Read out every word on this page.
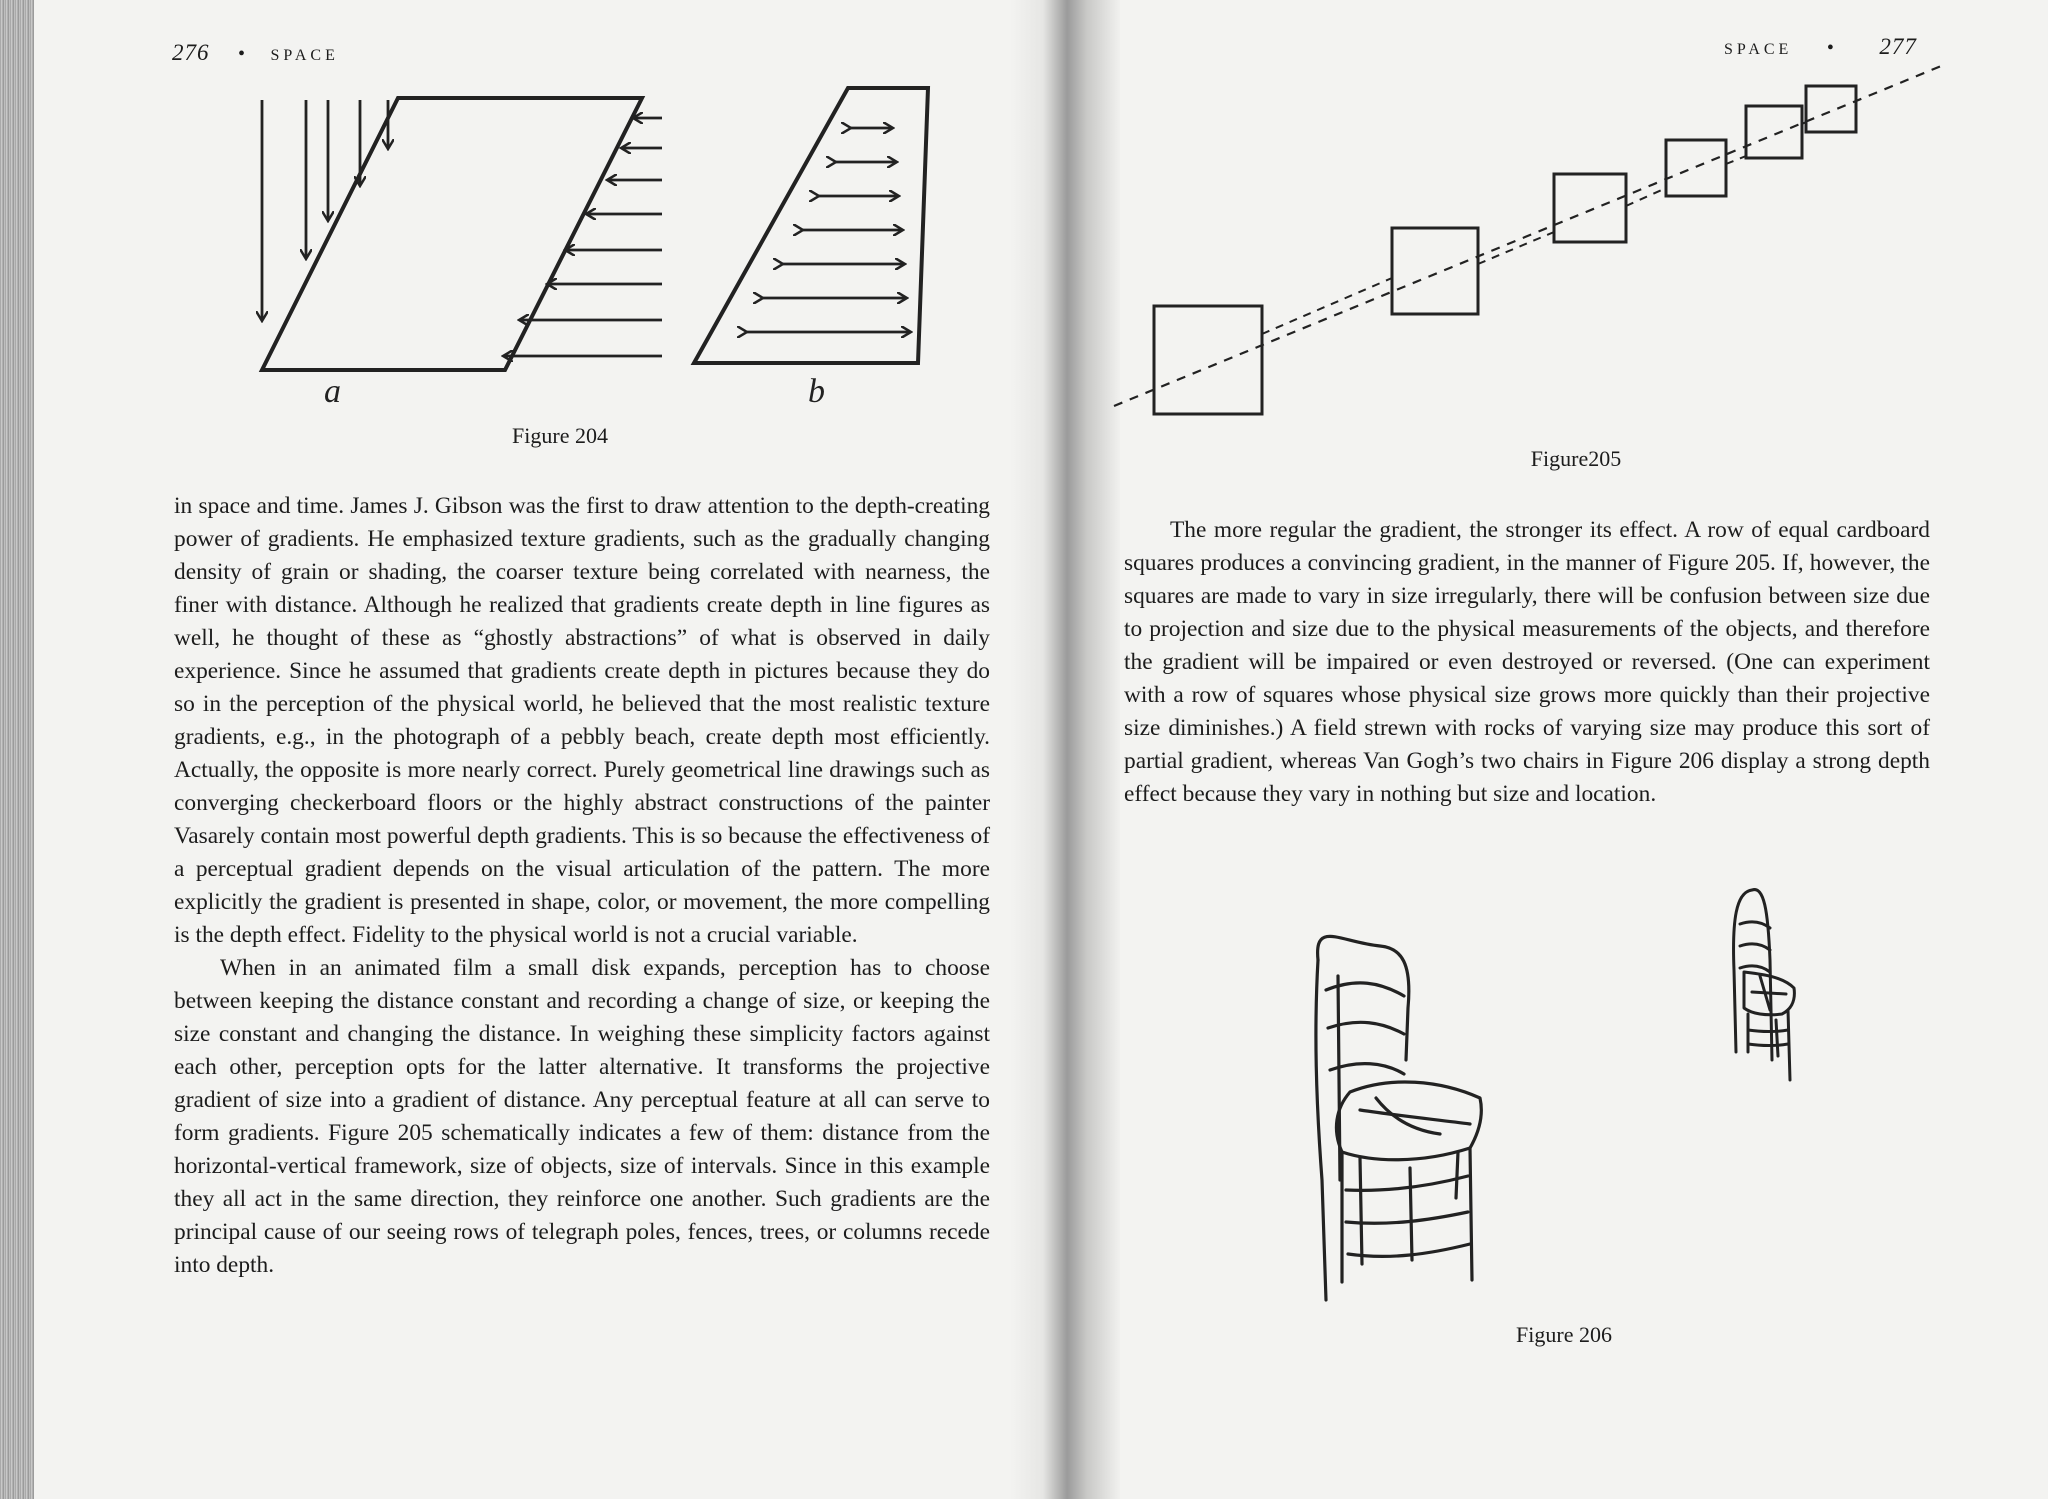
276 • SPACE
a	b
Figure 204

in space and time. James J. Gibson was the first to draw attention to the depth-creating power of gradients. He emphasized texture gradients, such as the gradually changing density of grain or shading, the coarser texture being correlated with nearness, the finer with distance. Although he realized that gradients create depth in line figures as well, he thought of these as “ghostly abstractions” of what is observed in daily experience. Since he assumed that gradients create depth in pictures because they do so in the perception of the physical world, he believed that the most realistic texture gradients, e.g., in the photograph of a pebbly beach, create depth most efficiently. Actually, the opposite is more nearly correct. Purely geometrical line drawings such as converging checkerboard floors or the highly abstract constructions of the painter Vasarely contain most powerful depth gradients. This is so because the effectiveness of a perceptual gradient depends on the visual articulation of the pattern. The more explicitly the gradient is presented in shape, color, or movement, the more compelling is the depth effect. Fidelity to the physical world is not a crucial variable.

When in an animated film a small disk expands, perception has to choose between keeping the distance constant and recording a change of size, or keeping the size constant and changing the distance. In weighing these simplicity factors against each other, perception opts for the latter alternative. It transforms the projective gradient of size into a gradient of distance. Any perceptual feature at all can serve to form gradients. Figure 205 schematically indicates a few of them: distance from the horizontal-vertical framework, size of objects, size of intervals. Since in this example they all act in the same direction, they reinforce one another. Such gradients are the principal cause of our seeing rows of telegraph poles, fences, trees, or columns recede into depth.

SPACE • 277
Figure205

The more regular the gradient, the stronger its effect. A row of equal cardboard squares produces a convincing gradient, in the manner of Figure 205. If, however, the squares are made to vary in size irregularly, there will be confusion between size due to projection and size due to the physical measurements of the objects, and therefore the gradient will be impaired or even destroyed or reversed. (One can experiment with a row of squares whose physical size grows more quickly than their projective size diminishes.) A field strewn with rocks of varying size may produce this sort of partial gradient, whereas Van Gogh’s two chairs in Figure 206 display a strong depth effect because they vary in nothing but size and location.

Figure 206
